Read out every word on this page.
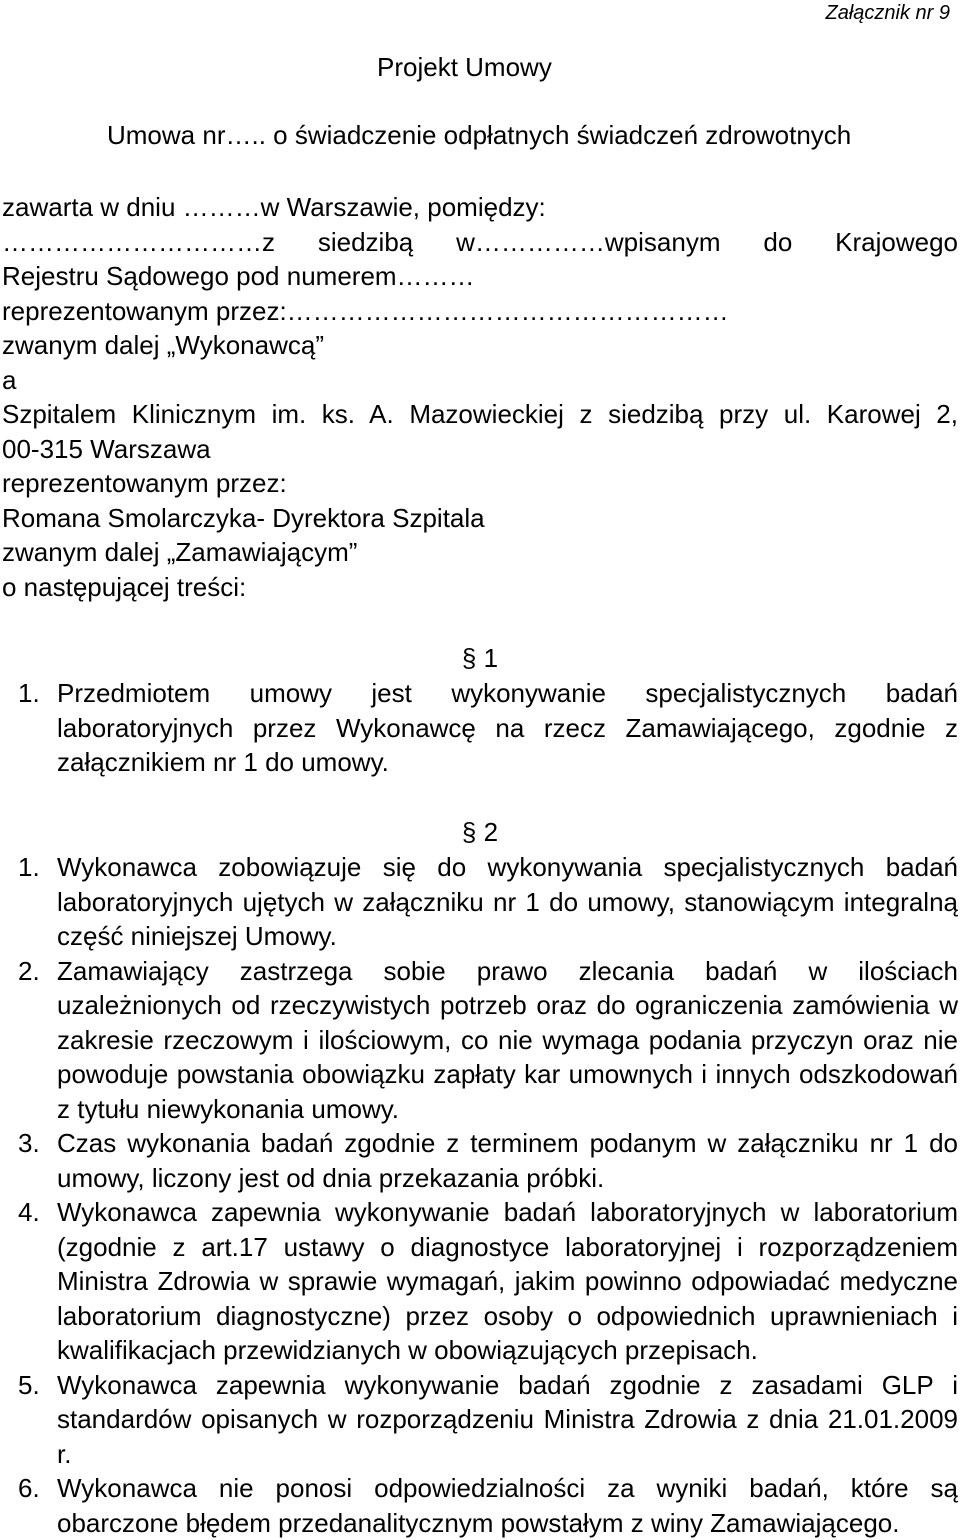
Załącznik nr 9
Projekt Umowy
Umowa nr….. o świadczenie odpłatnych świadczeń zdrowotnych
zawarta w dniu ………w Warszawie, pomiędzy:
…………………………z siedzibą w……………wpisanym do Krajowego
Rejestru Sądowego pod numerem………
reprezentowanym przez:……………………………………………
zwanym dalej „Wykonawcą”
a
Szpitalem Klinicznym im. ks. A. Mazowieckiej z siedzibą przy ul. Karowej 2,
00-315 Warszawa
reprezentowanym przez:
Romana Smolarczyka- Dyrektora Szpitala
zwanym dalej „Zamawiającym”
o następującej treści:
§ 1
1. Przedmiotem umowy jest wykonywanie specjalistycznych badań laboratoryjnych przez Wykonawcę na rzecz Zamawiającego, zgodnie z załącznikiem nr 1 do umowy.
§ 2
1. Wykonawca zobowiązuje się do wykonywania specjalistycznych badań laboratoryjnych ujętych w załączniku nr 1 do umowy, stanowiącym integralną część niniejszej Umowy.
2. Zamawiający zastrzega sobie prawo zlecania badań w ilościach uzależnionych od rzeczywistych potrzeb oraz do ograniczenia zamówienia w zakresie rzeczowym i ilościowym, co nie wymaga podania przyczyn oraz nie powoduje powstania obowiązku zapłaty kar umownych i innych odszkodowań z tytułu niewykonania umowy.
3. Czas wykonania badań zgodnie z terminem podanym w załączniku nr 1 do umowy, liczony jest od dnia przekazania próbki.
4. Wykonawca zapewnia wykonywanie badań laboratoryjnych w laboratorium (zgodnie z art.17 ustawy o diagnostyce laboratoryjnej i rozporządzeniem Ministra Zdrowia w sprawie wymagań, jakim powinno odpowiadać medyczne laboratorium diagnostyczne) przez osoby o odpowiednich uprawnieniach i kwalifikacjach przewidzianych w obowiązujących przepisach.
5. Wykonawca zapewnia wykonywanie badań zgodnie z zasadami GLP i standardów opisanych w rozporządzeniu Ministra Zdrowia z dnia 21.01.2009 r.
6. Wykonawca nie ponosi odpowiedzialności za wyniki badań, które są obarczone błędem przedanalitycznym powstałym z winy Zamawiającego.
